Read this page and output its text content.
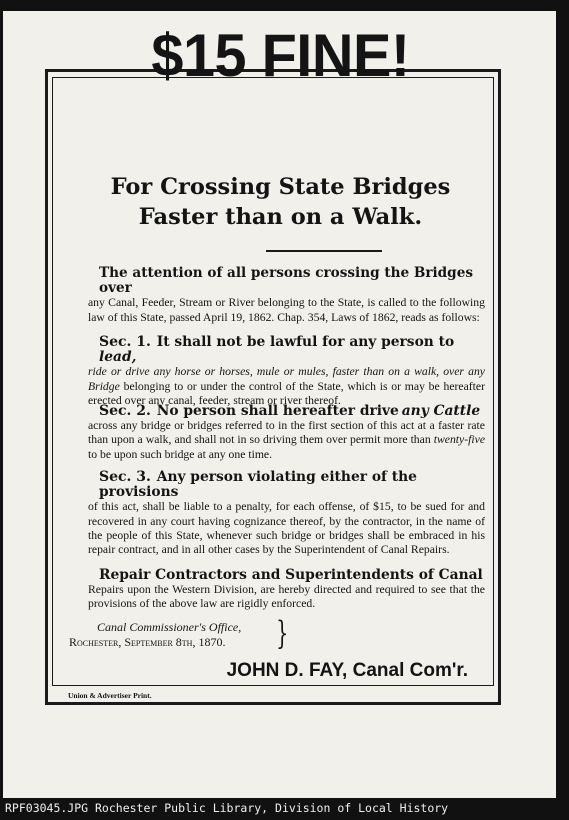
$15 FINE!
For Crossing State Bridges
Faster than on a Walk.
The attention of all persons crossing the Bridges over
any Canal, Feeder, Stream or River belonging to the State, is called to the following law of this State, passed April 19, 1862. Chap. 354, Laws of 1862, reads as follows:
Sec. 1. It shall not be lawful for any person to lead,
ride or drive any horse or horses, mule or mules, faster than on a walk, over any Bridge belonging to or under the control of the State, which is or may be hereafter erected over any canal, feeder, stream or river thereof.
Sec. 2. No person shall hereafter drive any Cattle
across any bridge or bridges referred to in the first section of this act at a faster rate than upon a walk, and shall not in so driving them over permit more than twenty-five to be upon such bridge at any one time.
Sec. 3. Any person violating either of the provisions
of this act, shall be liable to a penalty, for each offense, of $15, to be sued for and recovered in any court having cognizance thereof, by the contractor, in the name of the people of this State, whenever such bridge or bridges shall be embraced in his repair contract, and in all other cases by the Superintendent of Canal Repairs.
Repair Contractors and Superintendents of Canal
Repairs upon the Western Division, are hereby directed and required to see that the provisions of the above law are rigidly enforced.
Canal Commissioner's Office,
Rochester, September 8th, 1870.	}
JOHN D. FAY, Canal Com'r.
Union & Advertiser Print.
RPF03045.JPG Rochester Public Library, Division of Local History
